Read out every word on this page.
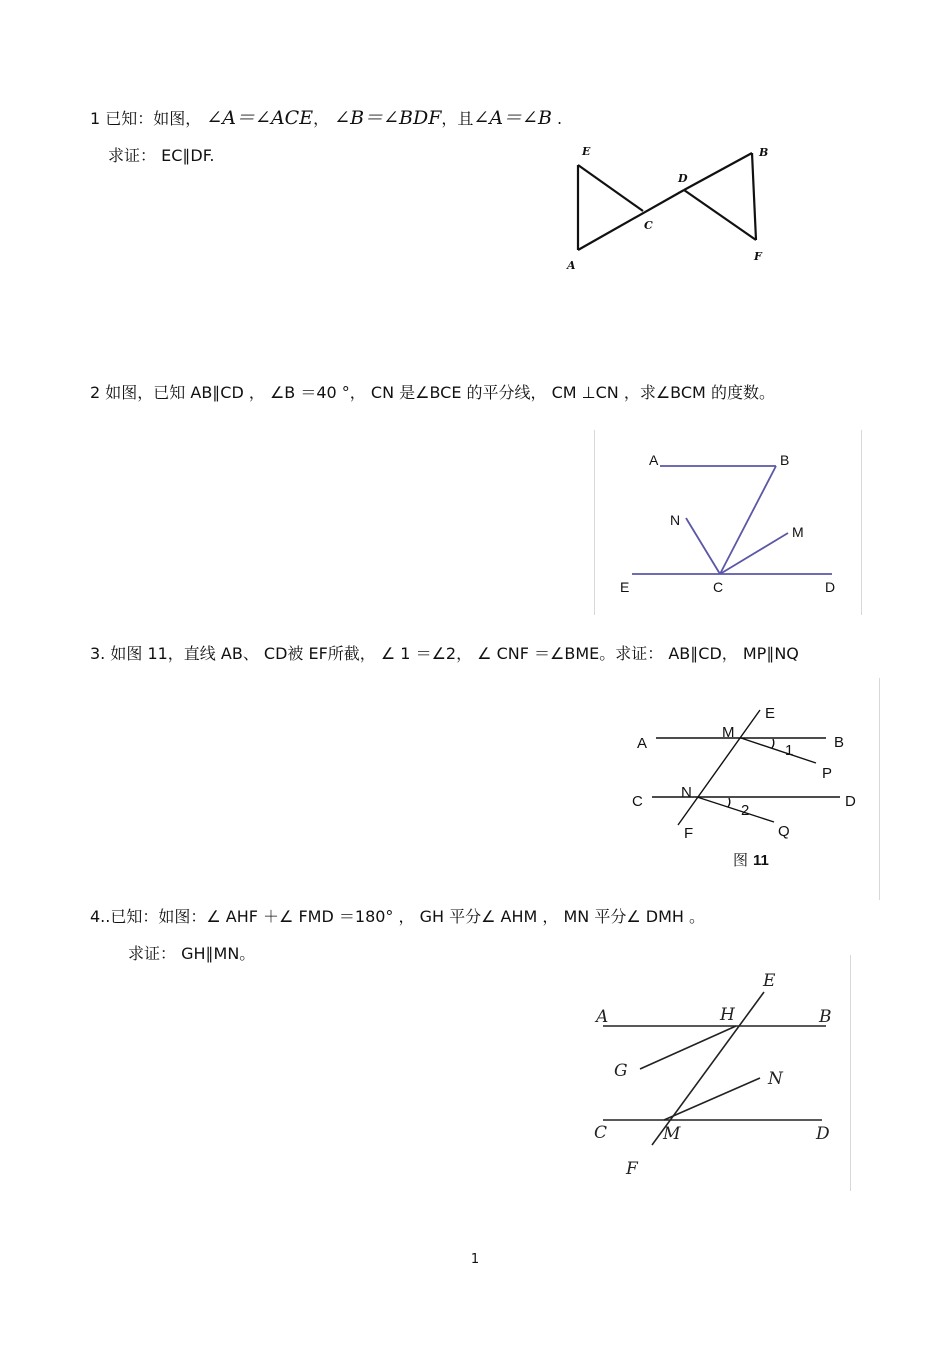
1 已知：如图， ∠A＝∠ACE， ∠B＝∠BDF，且∠A＝∠B .
求证： EC∥DF.	E
A
C
D
B
F
2 如图，已知 AB∥CD ， ∠B ＝40 °， CN 是∠BCE 的平分线， CM ⊥CN ，求∠BCM 的度数。
A	B
N
M
E	C	D
3. 如图 11，直线 AB、 CD被 EF所截， ∠ 1 ＝∠2， ∠ CNF ＝∠BME。求证： AB∥CD， MP∥NQ
E
M
A	B
1
P
C
N
D
2
F	Q
图 11
4..已知：如图：∠ AHF ＋∠ FMD ＝180° ， GH 平分∠ AHM ， MN 平分∠ DMH 。
求证： GH∥MN。
E
A	H	B
G	N
C	M	D
F
1
